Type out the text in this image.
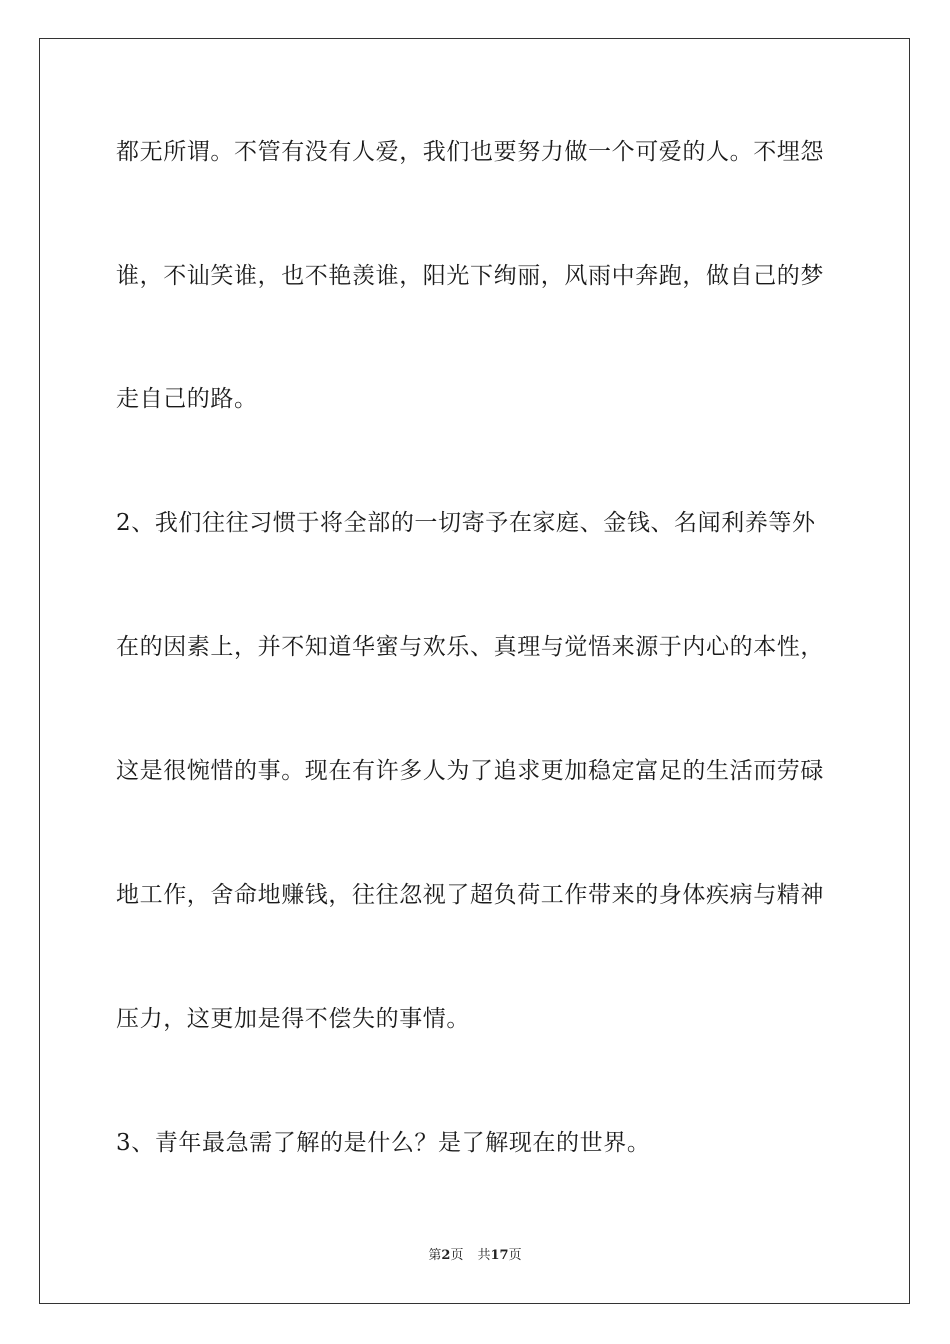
都无所谓。不管有没有人爱，我们也要努力做一个可爱的人。不埋怨
谁，不讪笑谁，也不艳羡谁，阳光下绚丽，风雨中奔跑，做自己的梦
走自己的路。
2、我们往往习惯于将全部的一切寄予在家庭、金钱、名闻利养等外
在的因素上，并不知道华蜜与欢乐、真理与觉悟来源于内心的本性，
这是很惋惜的事。现在有许多人为了追求更加稳定富足的生活而劳碌
地工作，舍命地赚钱，往往忽视了超负荷工作带来的身体疾病与精神
压力，这更加是得不偿失的事情。
3、青年最急需了解的是什么？是了解现在的世界。
第2页 共17页
